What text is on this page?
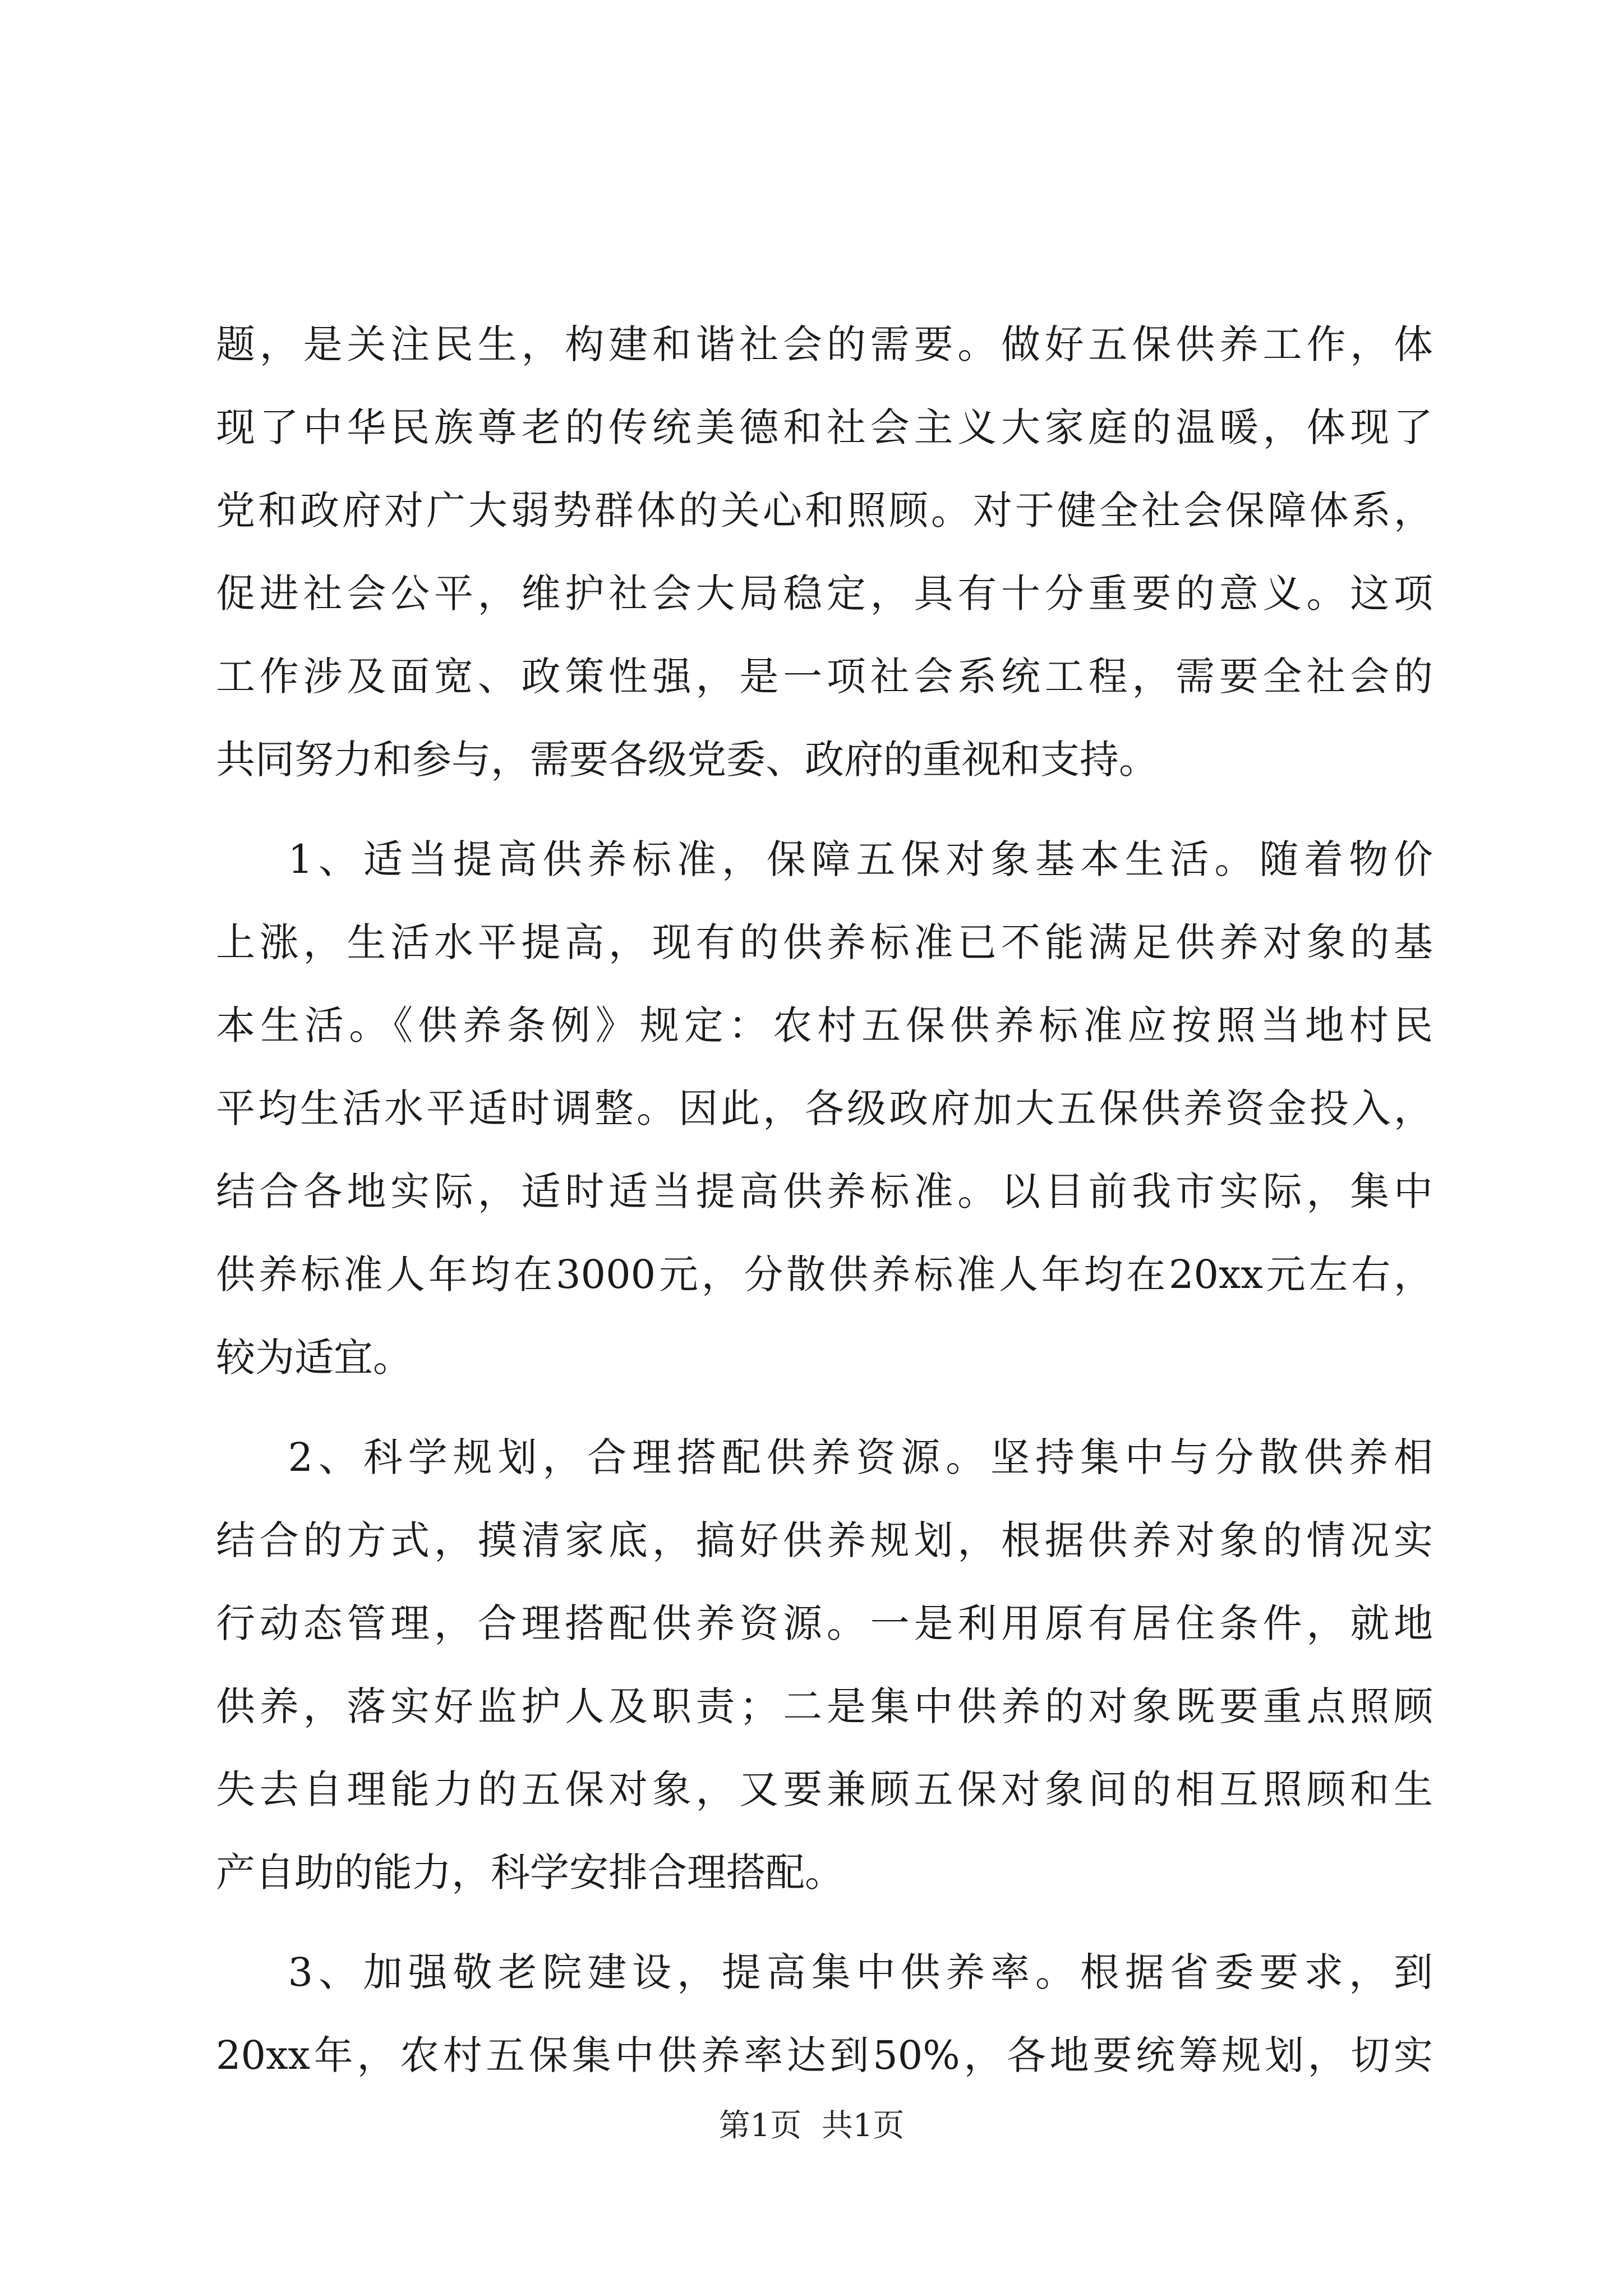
题，是关注民生，构建和谐社会的需要。做好五保供养工作，体
现了中华民族尊老的传统美德和社会主义大家庭的温暖，体现了
党和政府对广大弱势群体的关心和照顾。对于健全社会保障体系，
促进社会公平，维护社会大局稳定，具有十分重要的意义。这项
工作涉及面宽、政策性强，是一项社会系统工程，需要全社会的
共同努力和参与，需要各级党委、政府的重视和支持。
1、适当提高供养标准，保障五保对象基本生活。随着物价
上涨，生活水平提高，现有的供养标准已不能满足供养对象的基
本生活。《供养条例》规定：农村五保供养标准应按照当地村民
平均生活水平适时调整。因此，各级政府加大五保供养资金投入，
结合各地实际，适时适当提高供养标准。以目前我市实际，集中
供养标准人年均在3000元，分散供养标准人年均在20xx元左右，
较为适宜。
2、科学规划，合理搭配供养资源。坚持集中与分散供养相
结合的方式，摸清家底，搞好供养规划，根据供养对象的情况实
行动态管理，合理搭配供养资源。一是利用原有居住条件，就地
供养，落实好监护人及职责；二是集中供养的对象既要重点照顾
失去自理能力的五保对象，又要兼顾五保对象间的相互照顾和生
产自助的能力，科学安排合理搭配。
3、加强敬老院建设，提高集中供养率。根据省委要求，到
20xx年，农村五保集中供养率达到50%，各地要统筹规划，切实
第1页  共1页
